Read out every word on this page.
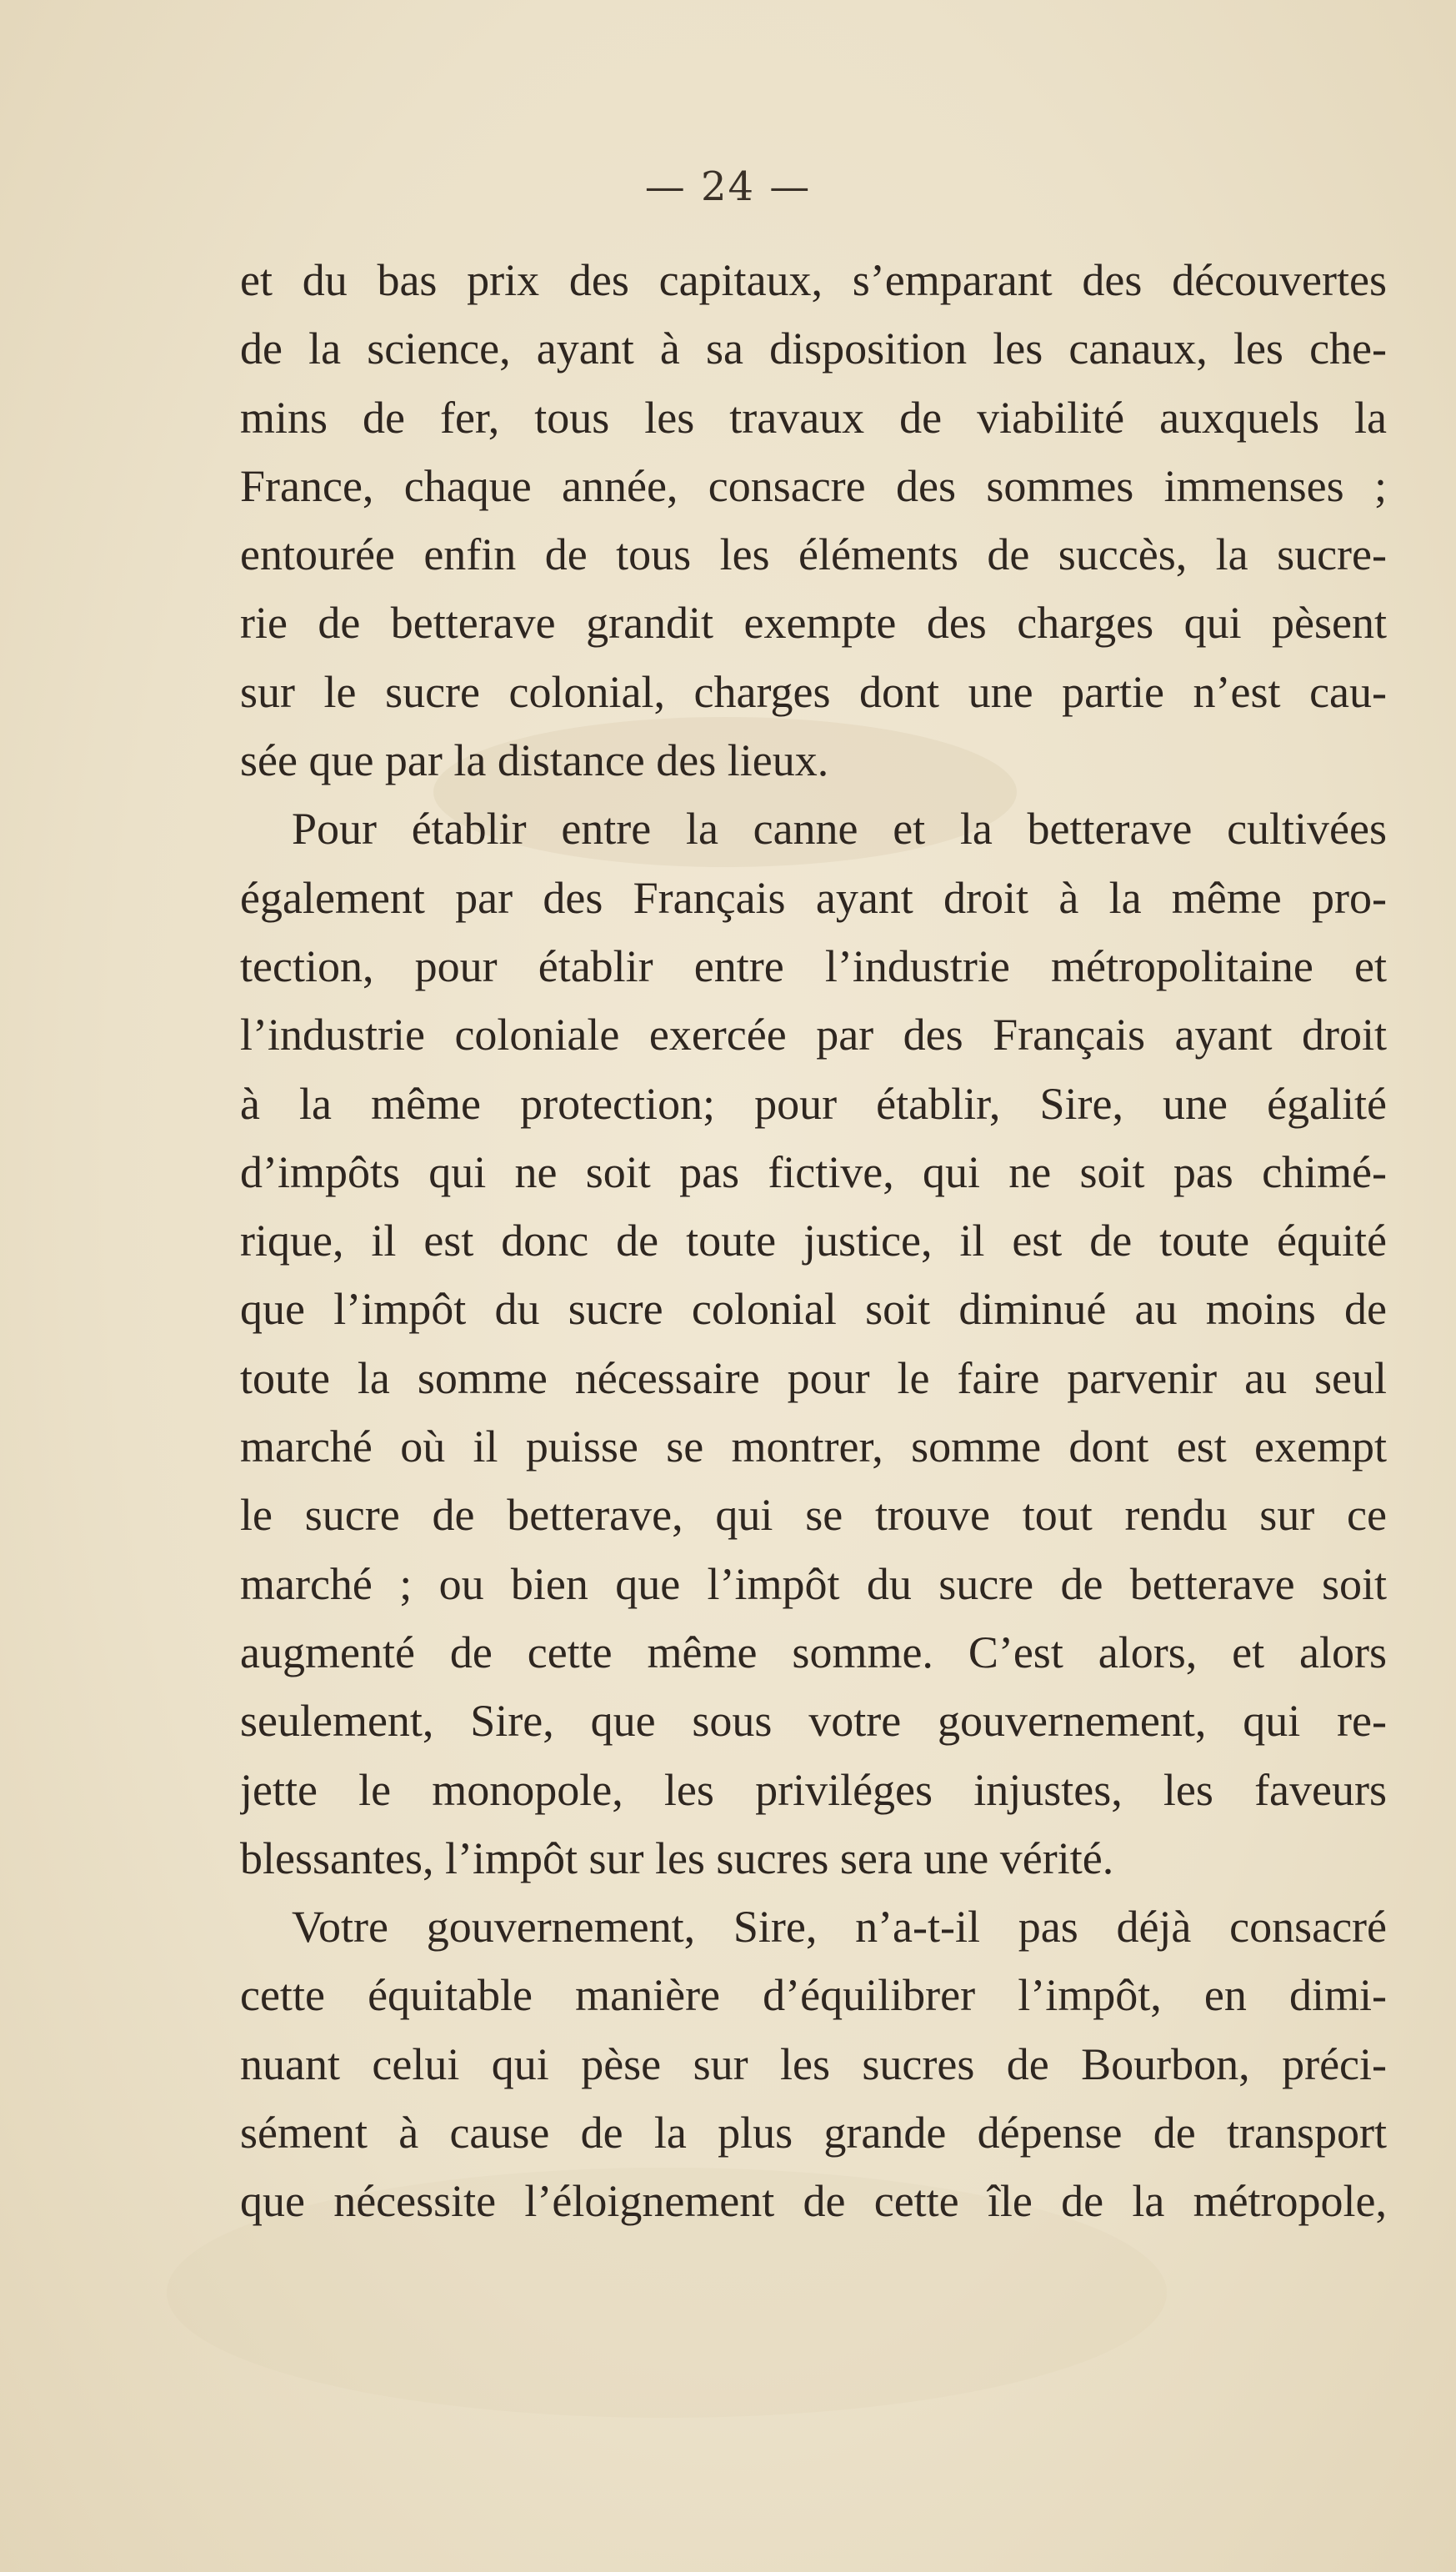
— 24 —
et du bas prix des capitaux, s’emparant des découvertes
de la science, ayant à sa disposition les canaux, les che-
mins de fer, tous les travaux de viabilité auxquels la
France, chaque année, consacre des sommes immenses ;
entourée enfin de tous les éléments de succès, la sucre-
rie de betterave grandit exempte des charges qui pèsent
sur le sucre colonial, charges dont une partie n’est cau-
sée que par la distance des lieux.
Pour établir entre la canne et la betterave cultivées
également par des Français ayant droit à la même pro-
tection, pour établir entre l’industrie métropolitaine et
l’industrie coloniale exercée par des Français ayant droit
à la même protection; pour établir, Sire, une égalité
d’impôts qui ne soit pas fictive, qui ne soit pas chimé-
rique, il est donc de toute justice, il est de toute équité
que l’impôt du sucre colonial soit diminué au moins de
toute la somme nécessaire pour le faire parvenir au seul
marché où il puisse se montrer, somme dont est exempt
le sucre de betterave, qui se trouve tout rendu sur ce
marché ; ou bien que l’impôt du sucre de betterave soit
augmenté de cette même somme. C’est alors, et alors
seulement, Sire, que sous votre gouvernement, qui re-
jette le monopole, les priviléges injustes, les faveurs
blessantes, l’impôt sur les sucres sera une vérité.
Votre gouvernement, Sire, n’a-t-il pas déjà consacré
cette équitable manière d’équilibrer l’impôt, en dimi-
nuant celui qui pèse sur les sucres de Bourbon, préci-
sément à cause de la plus grande dépense de transport
que nécessite l’éloignement de cette île de la métropole,
